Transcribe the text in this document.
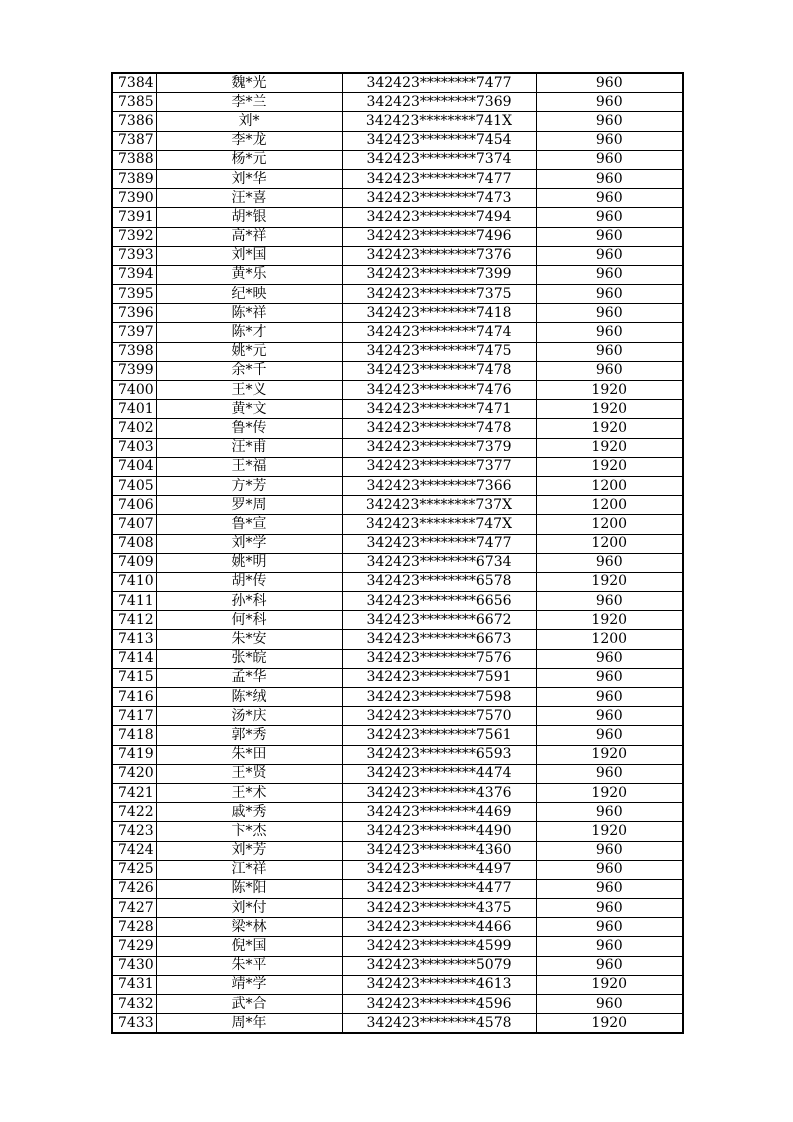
7384	魏*光	342423********7477	960
7385	李*兰	342423********7369	960
7386	刘*	342423********741X	960
7387	李*龙	342423********7454	960
7388	杨*元	342423********7374	960
7389	刘*华	342423********7477	960
7390	汪*喜	342423********7473	960
7391	胡*银	342423********7494	960
7392	高*祥	342423********7496	960
7393	刘*国	342423********7376	960
7394	黄*乐	342423********7399	960
7395	纪*映	342423********7375	960
7396	陈*祥	342423********7418	960
7397	陈*才	342423********7474	960
7398	姚*元	342423********7475	960
7399	余*千	342423********7478	960
7400	王*义	342423********7476	1920
7401	黄*文	342423********7471	1920
7402	鲁*传	342423********7478	1920
7403	汪*甫	342423********7379	1920
7404	王*福	342423********7377	1920
7405	方*芳	342423********7366	1200
7406	罗*周	342423********737X	1200
7407	鲁*宣	342423********747X	1200
7408	刘*学	342423********7477	1200
7409	姚*明	342423********6734	960
7410	胡*传	342423********6578	1920
7411	孙*科	342423********6656	960
7412	何*科	342423********6672	1920
7413	朱*安	342423********6673	1200
7414	张*皖	342423********7576	960
7415	孟*华	342423********7591	960
7416	陈*绒	342423********7598	960
7417	汤*庆	342423********7570	960
7418	郭*秀	342423********7561	960
7419	朱*田	342423********6593	1920
7420	王*贤	342423********4474	960
7421	王*术	342423********4376	1920
7422	戚*秀	342423********4469	960
7423	卞*杰	342423********4490	1920
7424	刘*芳	342423********4360	960
7425	江*祥	342423********4497	960
7426	陈*阳	342423********4477	960
7427	刘*付	342423********4375	960
7428	梁*林	342423********4466	960
7429	倪*国	342423********4599	960
7430	朱*平	342423********5079	960
7431	靖*学	342423********4613	1920
7432	武*合	342423********4596	960
7433	周*年	342423********4578	1920
